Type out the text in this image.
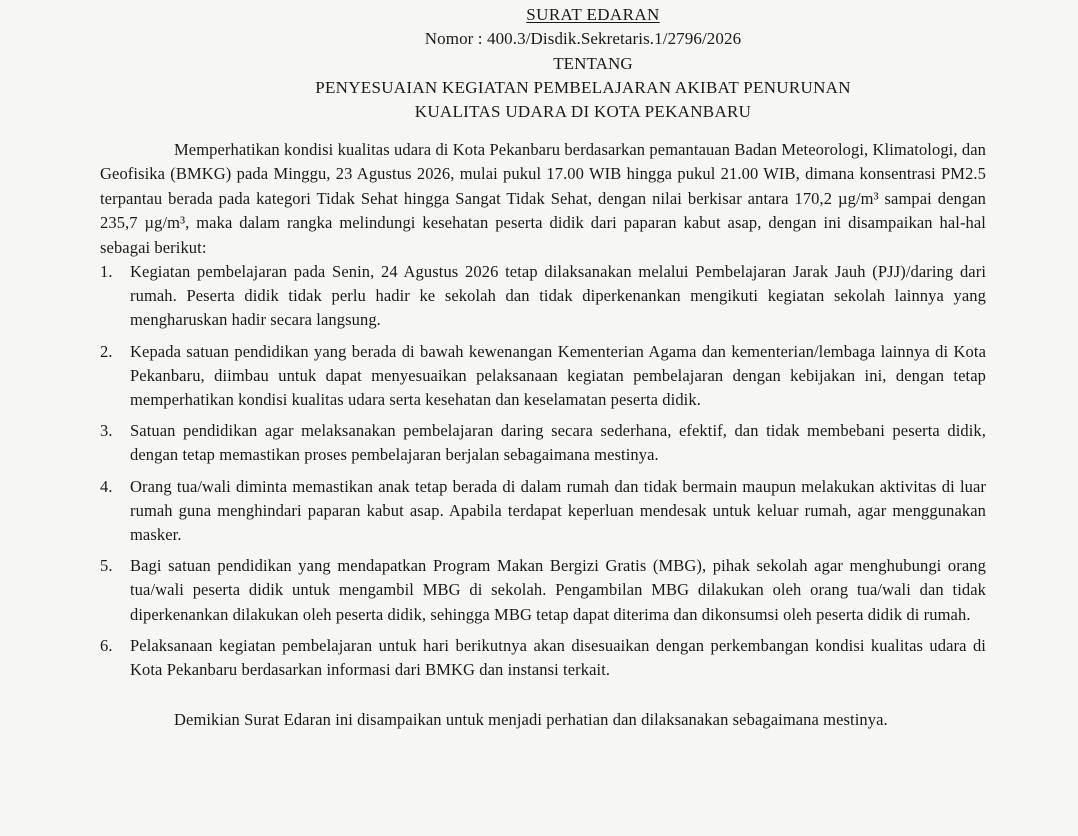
SURAT EDARAN
Nomor : 400.3/Disdik.Sekretaris.1/2796/2026
TENTANG
PENYESUAIAN KEGIATAN PEMBELAJARAN AKIBAT PENURUNAN
KUALITAS UDARA DI KOTA PEKANBARU

Memperhatikan kondisi kualitas udara di Kota Pekanbaru berdasarkan pemantauan Badan Meteorologi, Klimatologi, dan Geofisika (BMKG) pada Minggu, 23 Agustus 2026, mulai pukul 17.00 WIB hingga pukul 21.00 WIB, dimana konsentrasi PM2.5 terpantau berada pada kategori Tidak Sehat hingga Sangat Tidak Sehat, dengan nilai berkisar antara 170,2 µg/m³ sampai dengan 235,7 µg/m³, maka dalam rangka melindungi kesehatan peserta didik dari paparan kabut asap, dengan ini disampaikan hal-hal sebagai berikut:

1. Kegiatan pembelajaran pada Senin, 24 Agustus 2026 tetap dilaksanakan melalui Pembelajaran Jarak Jauh (PJJ)/daring dari rumah. Peserta didik tidak perlu hadir ke sekolah dan tidak diperkenankan mengikuti kegiatan sekolah lainnya yang mengharuskan hadir secara langsung.
2. Kepada satuan pendidikan yang berada di bawah kewenangan Kementerian Agama dan kementerian/lembaga lainnya di Kota Pekanbaru, diimbau untuk dapat menyesuaikan pelaksanaan kegiatan pembelajaran dengan kebijakan ini, dengan tetap memperhatikan kondisi kualitas udara serta kesehatan dan keselamatan peserta didik.
3. Satuan pendidikan agar melaksanakan pembelajaran daring secara sederhana, efektif, dan tidak membebani peserta didik, dengan tetap memastikan proses pembelajaran berjalan sebagaimana mestinya.
4. Orang tua/wali diminta memastikan anak tetap berada di dalam rumah dan tidak bermain maupun melakukan aktivitas di luar rumah guna menghindari paparan kabut asap. Apabila terdapat keperluan mendesak untuk keluar rumah, agar menggunakan masker.
5. Bagi satuan pendidikan yang mendapatkan Program Makan Bergizi Gratis (MBG), pihak sekolah agar menghubungi orang tua/wali peserta didik untuk mengambil MBG di sekolah. Pengambilan MBG dilakukan oleh orang tua/wali dan tidak diperkenankan dilakukan oleh peserta didik, sehingga MBG tetap dapat diterima dan dikonsumsi oleh peserta didik di rumah.
6. Pelaksanaan kegiatan pembelajaran untuk hari berikutnya akan disesuaikan dengan perkembangan kondisi kualitas udara di Kota Pekanbaru berdasarkan informasi dari BMKG dan instansi terkait.

Demikian Surat Edaran ini disampaikan untuk menjadi perhatian dan dilaksanakan sebagaimana mestinya.
